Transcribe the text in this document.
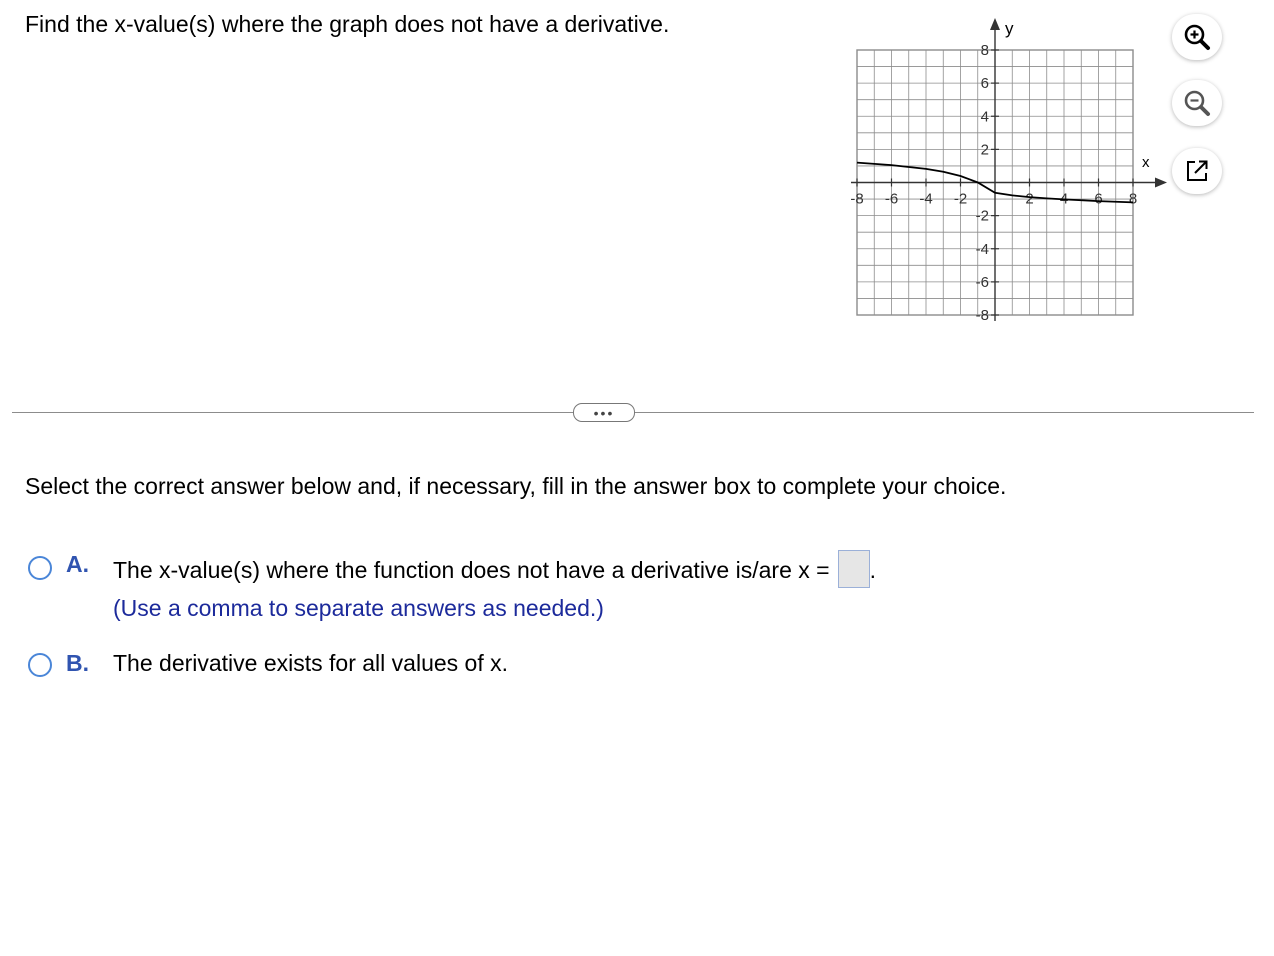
Find the x-value(s) where the graph does not have a derivative.
-8 -6 -4 -2	2 4 6 8
8
6
4
2
-2
-4
-6
-8
y
x
•••
Select the correct answer below and, if necessary, fill in the answer box to complete your choice.
A. The x-value(s) where the function does not have a derivative is/are x = .
(Use a comma to separate answers as needed.)
B. The derivative exists for all values of x.
